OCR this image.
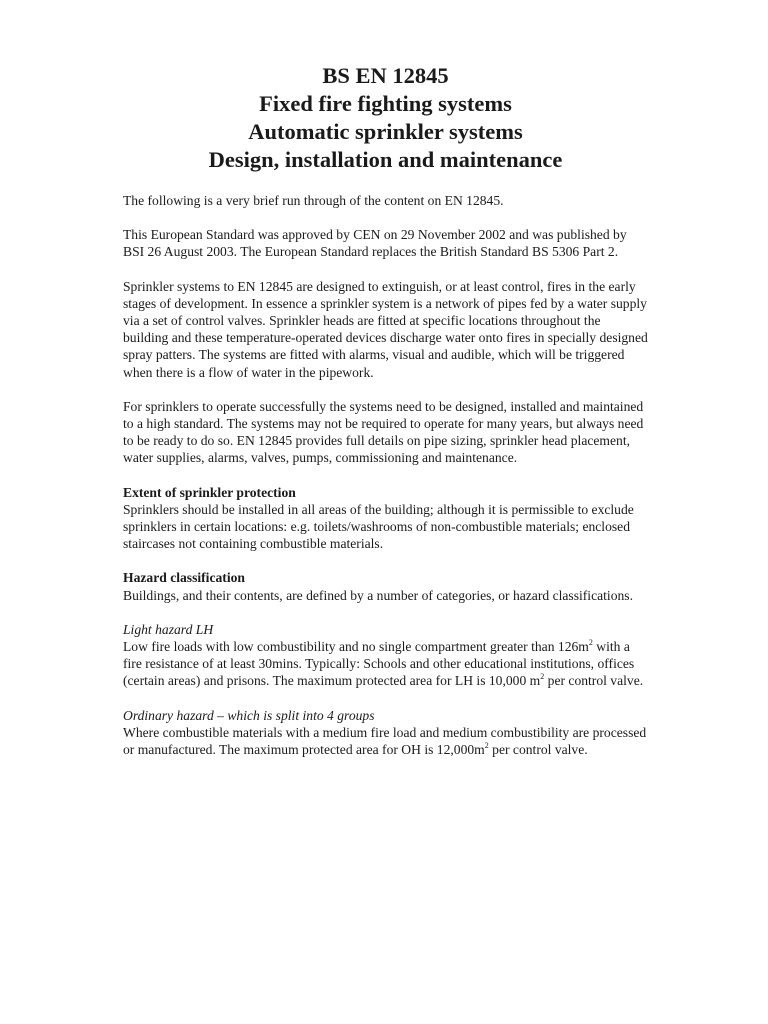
BS EN 12845
Fixed fire fighting systems
Automatic sprinkler systems
Design, installation and maintenance

The following is a very brief run through of the content on EN 12845.

This European Standard was approved by CEN on 29 November 2002 and was published by BSI 26 August 2003. The European Standard replaces the British Standard BS 5306 Part 2.

Sprinkler systems to EN 12845 are designed to extinguish, or at least control, fires in the early stages of development. In essence a sprinkler system is a network of pipes fed by a water supply via a set of control valves. Sprinkler heads are fitted at specific locations throughout the building and these temperature-operated devices discharge water onto fires in specially designed spray patters. The systems are fitted with alarms, visual and audible, which will be triggered when there is a flow of water in the pipework.

For sprinklers to operate successfully the systems need to be designed, installed and maintained to a high standard. The systems may not be required to operate for many years, but always need to be ready to do so. EN 12845 provides full details on pipe sizing, sprinkler head placement, water supplies, alarms, valves, pumps, commissioning and maintenance.

Extent of sprinkler protection
Sprinklers should be installed in all areas of the building; although it is permissible to exclude sprinklers in certain locations: e.g. toilets/washrooms of non-combustible materials; enclosed staircases not containing combustible materials.

Hazard classification
Buildings, and their contents, are defined by a number of categories, or hazard classifications.

Light hazard LH
Low fire loads with low combustibility and no single compartment greater than $126m^2$ with a fire resistance of at least 30mins. Typically: Schools and other educational institutions, offices (certain areas) and prisons. The maximum protected area for LH is 10,000 $m^2$ per control valve.

Ordinary hazard – which is split into 4 groups
Where combustible materials with a medium fire load and medium combustibility are processed or manufactured. The maximum protected area for OH is $12,000m^2$ per control valve.
